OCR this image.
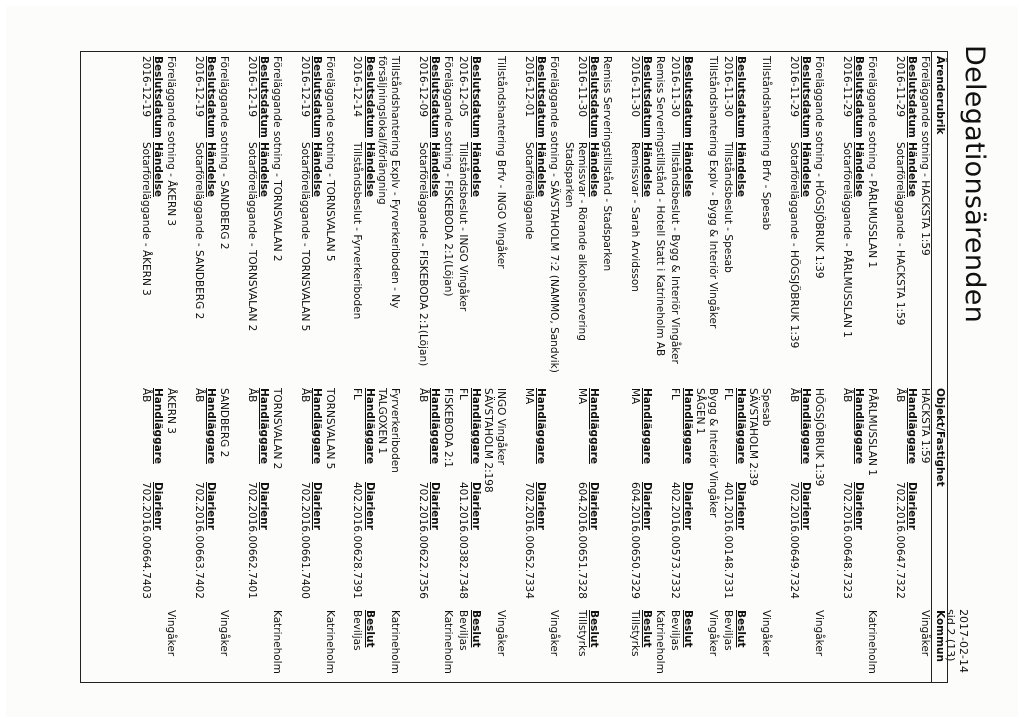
Delegationsärenden
2017-02-14
sid 2 (13)
Ärenderubrik
Objekt/Fastighet
Kommun
Föreläggande sotning - HACKSTA 1:59
HACKSTA 1:59
Vingåker
Beslutsdatum
Händelse
Handläggare
Diarienr
2016-11-29
Sotarföreläggande - HACKSTA 1:59
ÅB
702.2016.00647.7322
Föreläggande sotning - PÅRLMUSSLAN 1
PÅRLMUSSLAN 1
Katrineholm
Beslutsdatum
Händelse
Handläggare
Diarienr
2016-11-29
Sotarföreläggande - PÅRLMUSSLAN 1
ÅB
702.2016.00648.7323
Föreläggande sotning - HÖGSJÖBRUK 1:39
HÖGSJÖBRUK 1:39
Vingåker
Beslutsdatum
Händelse
Handläggare
Diarienr
2016-11-29
Sotarföreläggande - HÖGSJÖBRUK 1:39
ÅB
702.2016.00649.7324
Tillståndshantering Brfv - Spesab
Spesab
SÄVSTAHOLM 2:39
Vingåker
Beslutsdatum
Händelse
Handläggare
Diarienr
Beslut
2016-11-30
Tillståndsbeslut - Spesab
FL
401.2016.00148.7331
Beviljas
Tillståndshantering Explv - Bygg & Interiör Vingåker
Bygg & Interiör Vingåker
SÅGEN 1
Vingåker
Beslutsdatum
Händelse
Handläggare
Diarienr
Beslut
2016-11-30
Tillståndsbeslut - Bygg & Interiör Vingåker
FL
402.2016.00573.7332
Beviljas
Remiss Serveringstillstånd - Hotell Statt i Katrineholm AB
Katrineholm
Beslutsdatum
Händelse
Handläggare
Diarienr
Beslut
2016-11-30
Remissvar - Sarah Arvidsson
MA
604.2016.00650.7329
Tillstyrks
Remiss Serveringstillstånd - Stadsparken
Beslutsdatum
Händelse
Handläggare
Diarienr
Beslut
2016-11-30
Remissvar - Rörande alkoholservering
Stadsparken
MA
604.2016.00651.7328
Tillstyrks
Föreläggande sotning - SÄVSTAHOLM 7:2 (NAMMO, Sandvik)
Vingåker
Beslutsdatum
Händelse
Handläggare
Diarienr
2016-12-01
Sotarföreläggande
MA
702.2016.00652.7334
Tillståndshantering Brfv - INGO Vingåker
INGO Vingåker
SÄVSTAHOLM 2:198
Vingåker
Beslutsdatum
Händelse
Handläggare
Diarienr
Beslut
2016-12-05
Tillståndsbeslut - INGO Vingåker
FL
401.2016.00382.7348
Beviljas
Föreläggande sotning - FISKEBODA 2:1(Löjan)
FISKEBODA 2:1
Katrineholm
Beslutsdatum
Händelse
Handläggare
Diarienr
2016-12-09
Sotarföreläggande - FISKEBODA 2:1(Löjan)
ÅB
702.2016.00622.7356
Tillståndshantering Explv - Fyrverkeriboden - Ny
försäljningslokal/förlängning
Fyrverkeriboden
TALGOXEN 1
Katrineholm
Beslutsdatum
Händelse
Handläggare
Diarienr
Beslut
2016-12-14
Tillståndsbeslut - Fyrverkeriboden
FL
402.2016.00628.7391
Beviljas
Föreläggande sotning - TORNSVALAN 5
TORNSVALAN 5
Katrineholm
Beslutsdatum
Händelse
Handläggare
Diarienr
2016-12-19
Sotarföreläggande - TORNSVALAN 5
ÅB
702.2016.00661.7400
Föreläggande sotning - TORNSVALAN 2
TORNSVALAN 2
Katrineholm
Beslutsdatum
Händelse
Handläggare
Diarienr
2016-12-19
Sotarföreläggande - TORNSVALAN 2
ÅB
702.2016.00662.7401
Föreläggande sotning - SANDBERG 2
SANDBERG 2
Vingåker
Beslutsdatum
Händelse
Handläggare
Diarienr
2016-12-19
Sotarföreläggande - SANDBERG 2
ÅB
702.2016.00663.7402
Föreläggande sotning - ÅKERN 3
ÅKERN 3
Vingåker
Beslutsdatum
Händelse
Handläggare
Diarienr
2016-12-19
Sotarföreläggande - ÅKERN 3
ÅB
702.2016.00664.7403
